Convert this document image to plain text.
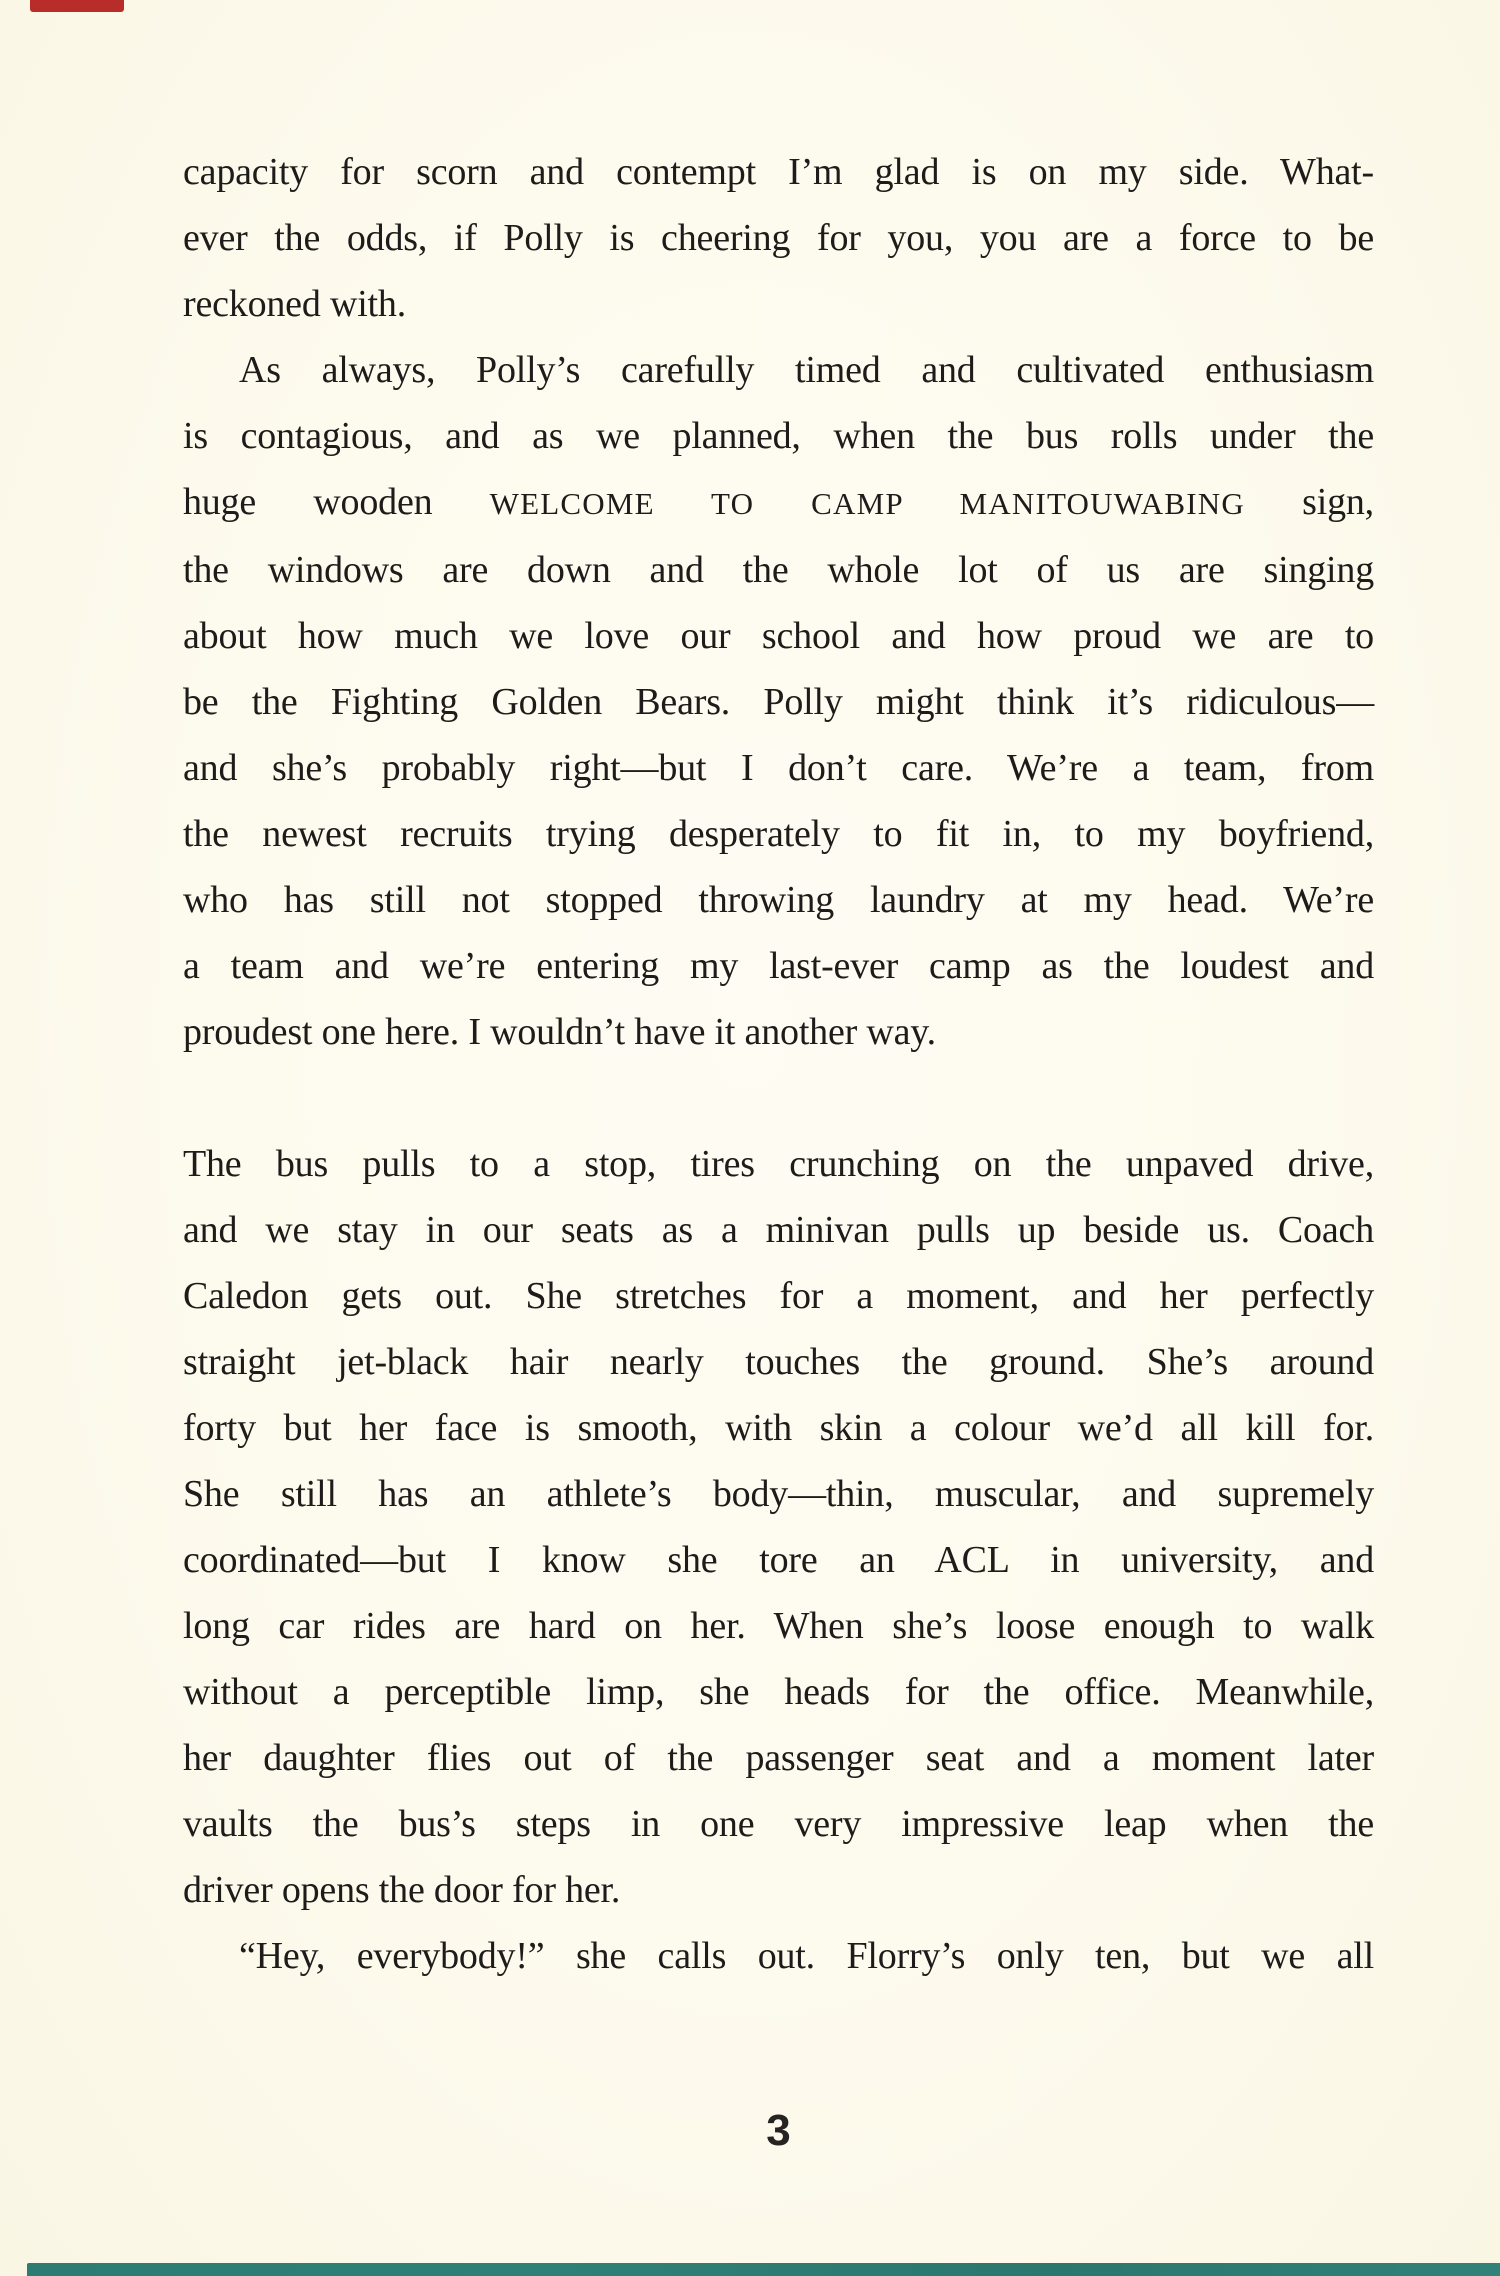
capacity for scorn and contempt I’m glad is on my side. What-
ever the odds, if Polly is cheering for you, you are a force to be
reckoned with.
As always, Polly’s carefully timed and cultivated enthusiasm
is contagious, and as we planned, when the bus rolls under the
huge wooden WELCOME TO CAMP MANITOUWABING sign,
the windows are down and the whole lot of us are singing
about how much we love our school and how proud we are to
be the Fighting Golden Bears. Polly might think it’s ridiculous—
and she’s probably right—but I don’t care. We’re a team, from
the newest recruits trying desperately to fit in, to my boyfriend,
who has still not stopped throwing laundry at my head. We’re
a team and we’re entering my last-ever camp as the loudest and
proudest one here. I wouldn’t have it another way.
The bus pulls to a stop, tires crunching on the unpaved drive,
and we stay in our seats as a minivan pulls up beside us. Coach
Caledon gets out. She stretches for a moment, and her perfectly
straight jet-black hair nearly touches the ground. She’s around
forty but her face is smooth, with skin a colour we’d all kill for.
She still has an athlete’s body—thin, muscular, and supremely
coordinated—but I know she tore an ACL in university, and
long car rides are hard on her. When she’s loose enough to walk
without a perceptible limp, she heads for the office. Meanwhile,
her daughter flies out of the passenger seat and a moment later
vaults the bus’s steps in one very impressive leap when the
driver opens the door for her.
“Hey, everybody!” she calls out. Florry’s only ten, but we all
3
